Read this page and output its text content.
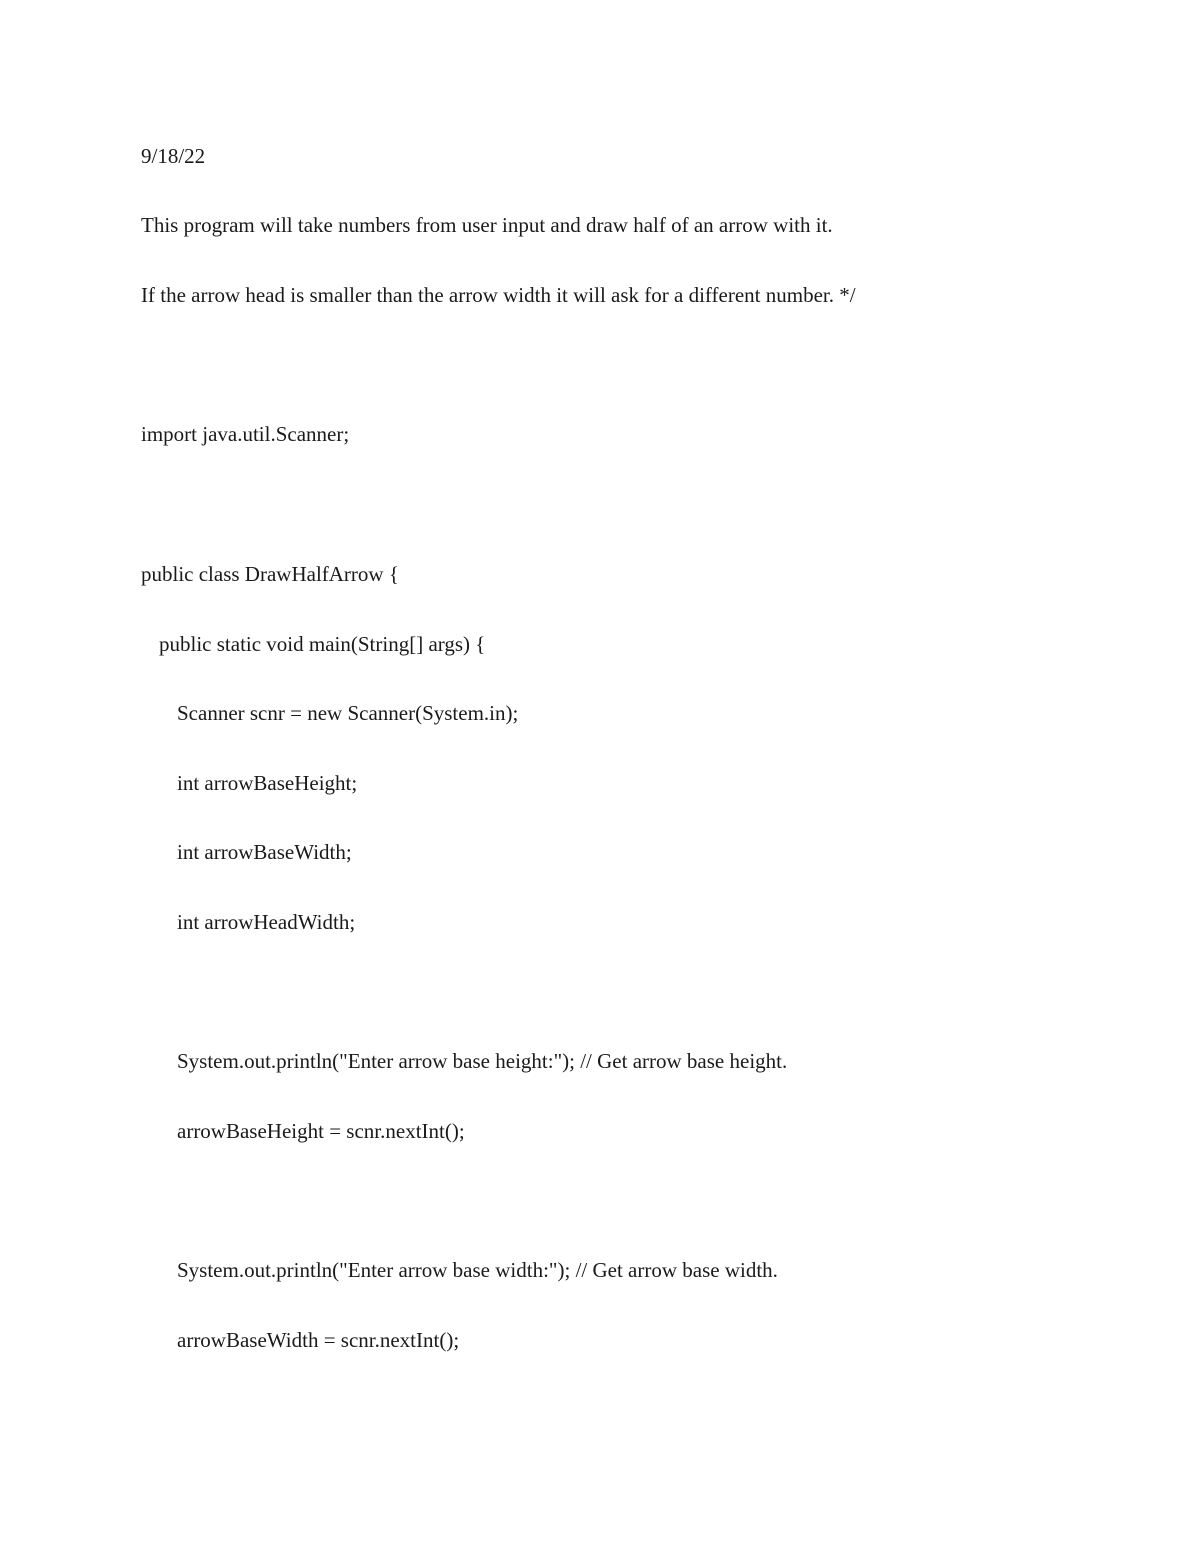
9/18/22
This program will take numbers from user input and draw half of an arrow with it.
If the arrow head is smaller than the arrow width it will ask for a different number. */
import java.util.Scanner;
public class DrawHalfArrow {
public static void main(String[] args) {
Scanner scnr = new Scanner(System.in);
int arrowBaseHeight;
int arrowBaseWidth;
int arrowHeadWidth;
System.out.println("Enter arrow base height:"); // Get arrow base height.
arrowBaseHeight = scnr.nextInt();
System.out.println("Enter arrow base width:"); // Get arrow base width.
arrowBaseWidth = scnr.nextInt();
